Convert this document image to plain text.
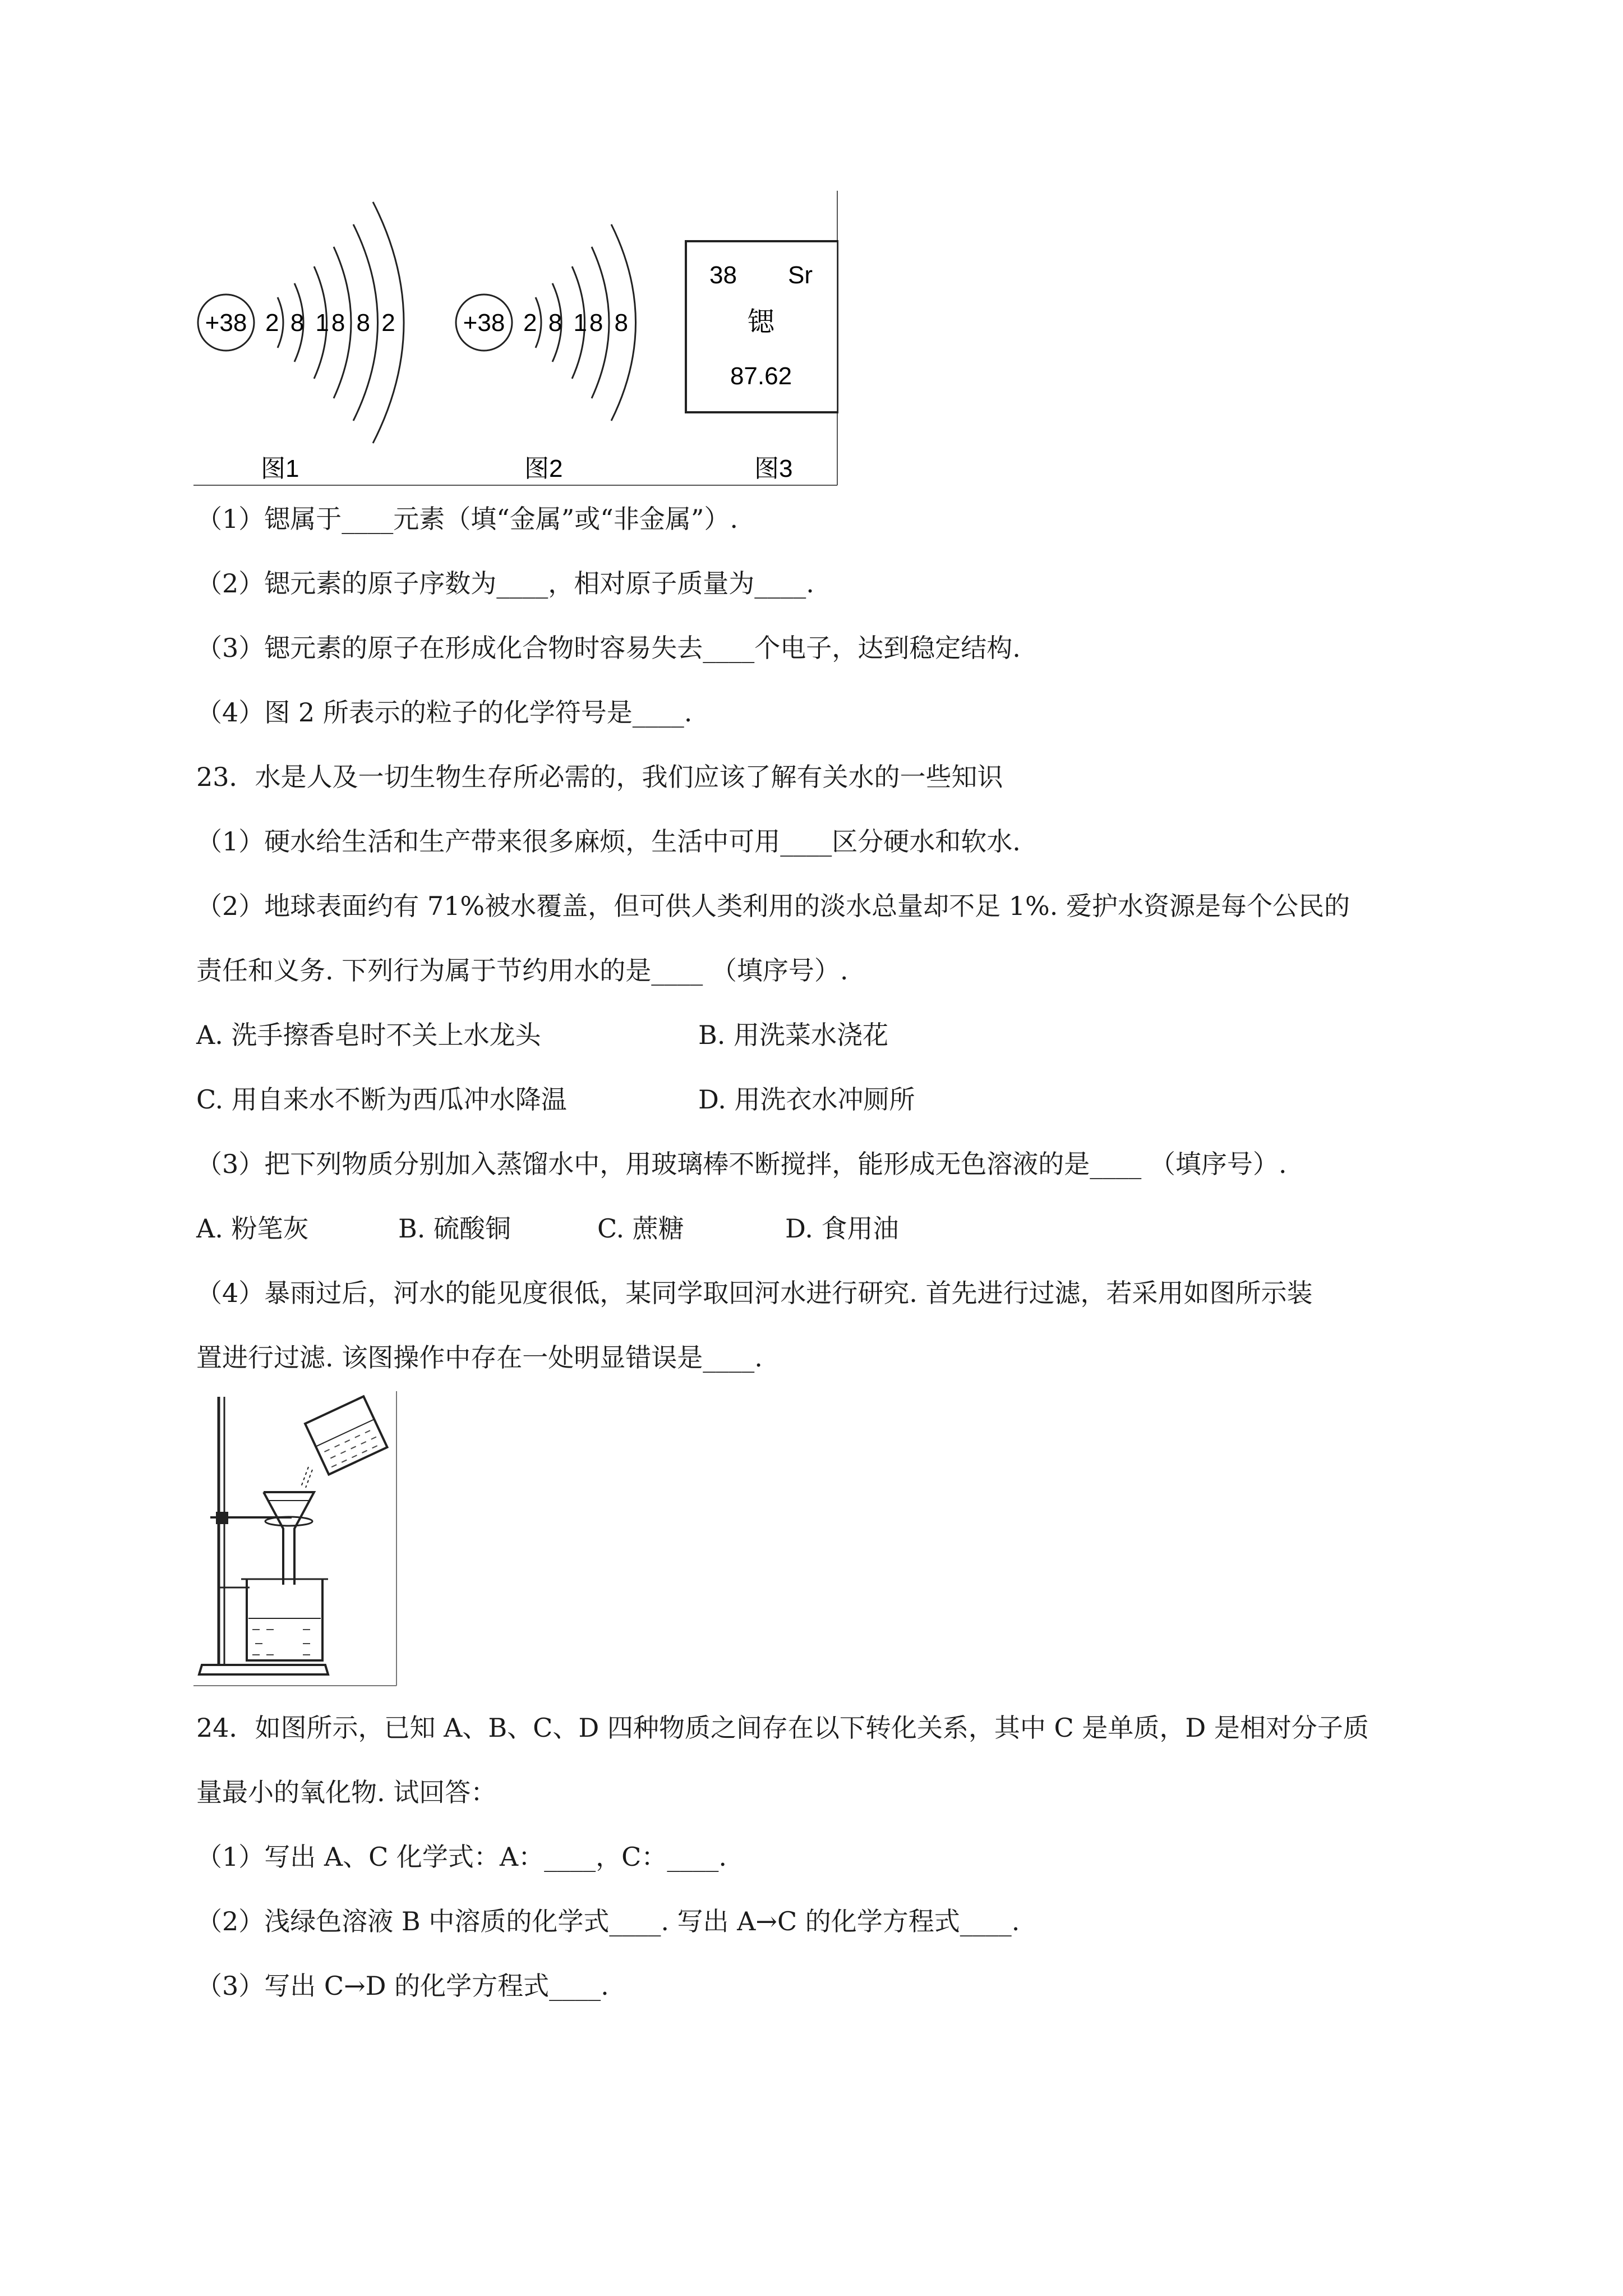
+38 2 8 18 8 2
图1
+38 2 8 18 8
图2
38 Sr
锶
87.62
图3
（1）锶属于____元素（填“金属”或“非金属”）.
（2）锶元素的原子序数为____，相对原子质量为____.
（3）锶元素的原子在形成化合物时容易失去____个电子，达到稳定结构.
（4）图 2 所表示的粒子的化学符号是____.
23．水是人及一切生物生存所必需的，我们应该了解有关水的一些知识
（1）硬水给生活和生产带来很多麻烦，生活中可用____区分硬水和软水.
（2）地球表面约有 71%被水覆盖，但可供人类利用的淡水总量却不足 1%. 爱护水资源是每个公民的
责任和义务. 下列行为属于节约用水的是____ （填序号）.
A. 洗手擦香皂时不关上水龙头	B. 用洗菜水浇花
C. 用自来水不断为西瓜冲水降温	D. 用洗衣水冲厕所
（3）把下列物质分别加入蒸馏水中，用玻璃棒不断搅拌，能形成无色溶液的是____ （填序号）.
A. 粉笔灰	B. 硫酸铜	C. 蔗糖	D. 食用油
（4）暴雨过后，河水的能见度很低，某同学取回河水进行研究. 首先进行过滤，若采用如图所示装
置进行过滤. 该图操作中存在一处明显错误是____.
24．如图所示，已知 A、B、C、D 四种物质之间存在以下转化关系，其中 C 是单质，D 是相对分子质
量最小的氧化物. 试回答：
（1）写出 A、C 化学式：A：____，C：____.
（2）浅绿色溶液 B 中溶质的化学式____. 写出 A→C 的化学方程式____.
（3）写出 C→D 的化学方程式____.
